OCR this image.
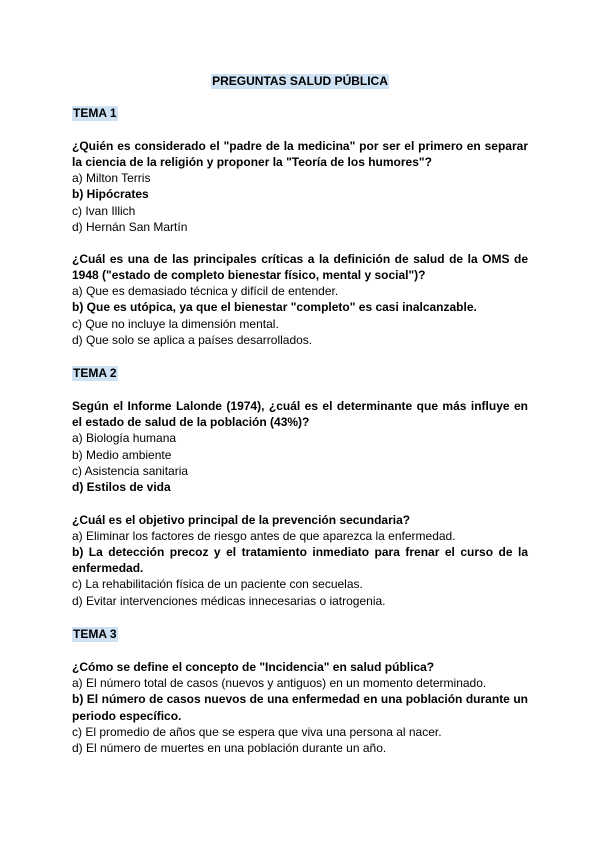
PREGUNTAS SALUD PÚBLICA
TEMA 1

¿Quién es considerado el "padre de la medicina" por ser el primero en separar la ciencia de la religión y proponer la "Teoría de los humores"?

a) Milton Terris

b) Hipócrates

c) Ivan Illich

d) Hernán San Martín

¿Cuál es una de las principales críticas a la definición de salud de la OMS de 1948 ("estado de completo bienestar físico, mental y social")?

a) Que es demasiado técnica y difícil de entender.

b) Que es utópica, ya que el bienestar "completo" es casi inalcanzable.

c) Que no incluye la dimensión mental.

d) Que solo se aplica a países desarrollados.

TEMA 2

Según el Informe Lalonde (1974), ¿cuál es el determinante que más influye en el estado de salud de la población (43%)?

a) Biología humana

b) Medio ambiente

c) Asistencia sanitaria

d) Estilos de vida

¿Cuál es el objetivo principal de la prevención secundaria?

a) Eliminar los factores de riesgo antes de que aparezca la enfermedad.

b) La detección precoz y el tratamiento inmediato para frenar el curso de la enfermedad.

c) La rehabilitación física de un paciente con secuelas.

d) Evitar intervenciones médicas innecesarias o iatrogenia.

TEMA 3

¿Cómo se define el concepto de "Incidencia" en salud pública?

a) El número total de casos (nuevos y antiguos) en un momento determinado.

b) El número de casos nuevos de una enfermedad en una población durante un periodo específico.

c) El promedio de años que se espera que viva una persona al nacer.

d) El número de muertes en una población durante un año.
